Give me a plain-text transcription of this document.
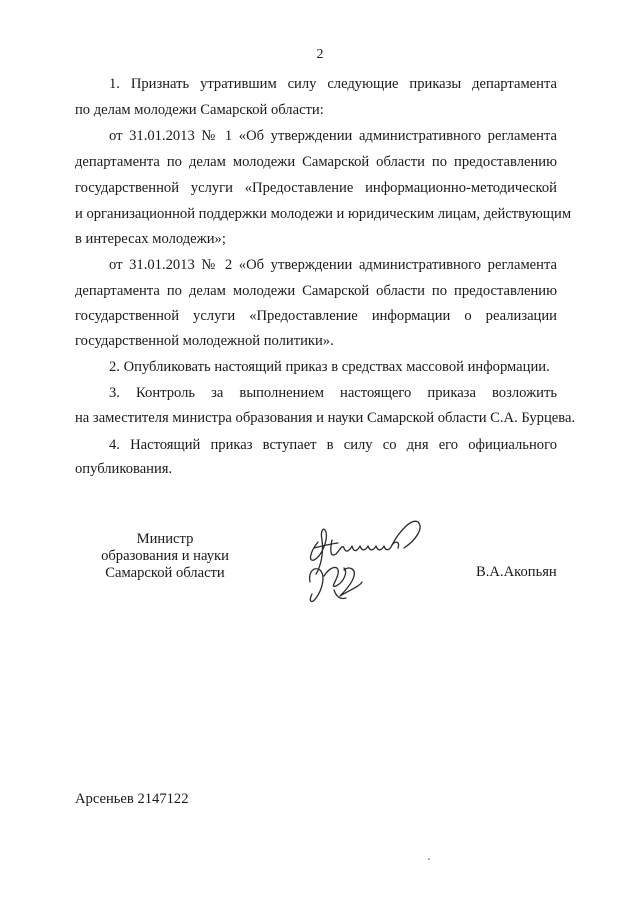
2
1. Признать утратившим силу следующие приказы департамента
по делам молодежи Самарской области:
от 31.01.2013 № 1 «Об утверждении административного регламента
департамента по делам молодежи Самарской области по предоставлению
государственной услуги «Предоставление информационно-методической
и организационной поддержки молодежи и юридическим лицам, действующим
в интересах молодежи»;
от 31.01.2013 № 2 «Об утверждении административного регламента
департамента по делам молодежи Самарской области по предоставлению
государственной услуги «Предоставление информации о реализации
государственной молодежной политики».
2. Опубликовать настоящий приказ в средствах массовой информации.
3. Контроль за выполнением настоящего приказа возложить
на заместителя министра образования и науки Самарской области С.А. Бурцева.
4. Настоящий приказ вступает в силу со дня его официального
опубликования.
Министр
образования и науки
Самарской области	В.А.Акопьян
Арсеньев 2147122
